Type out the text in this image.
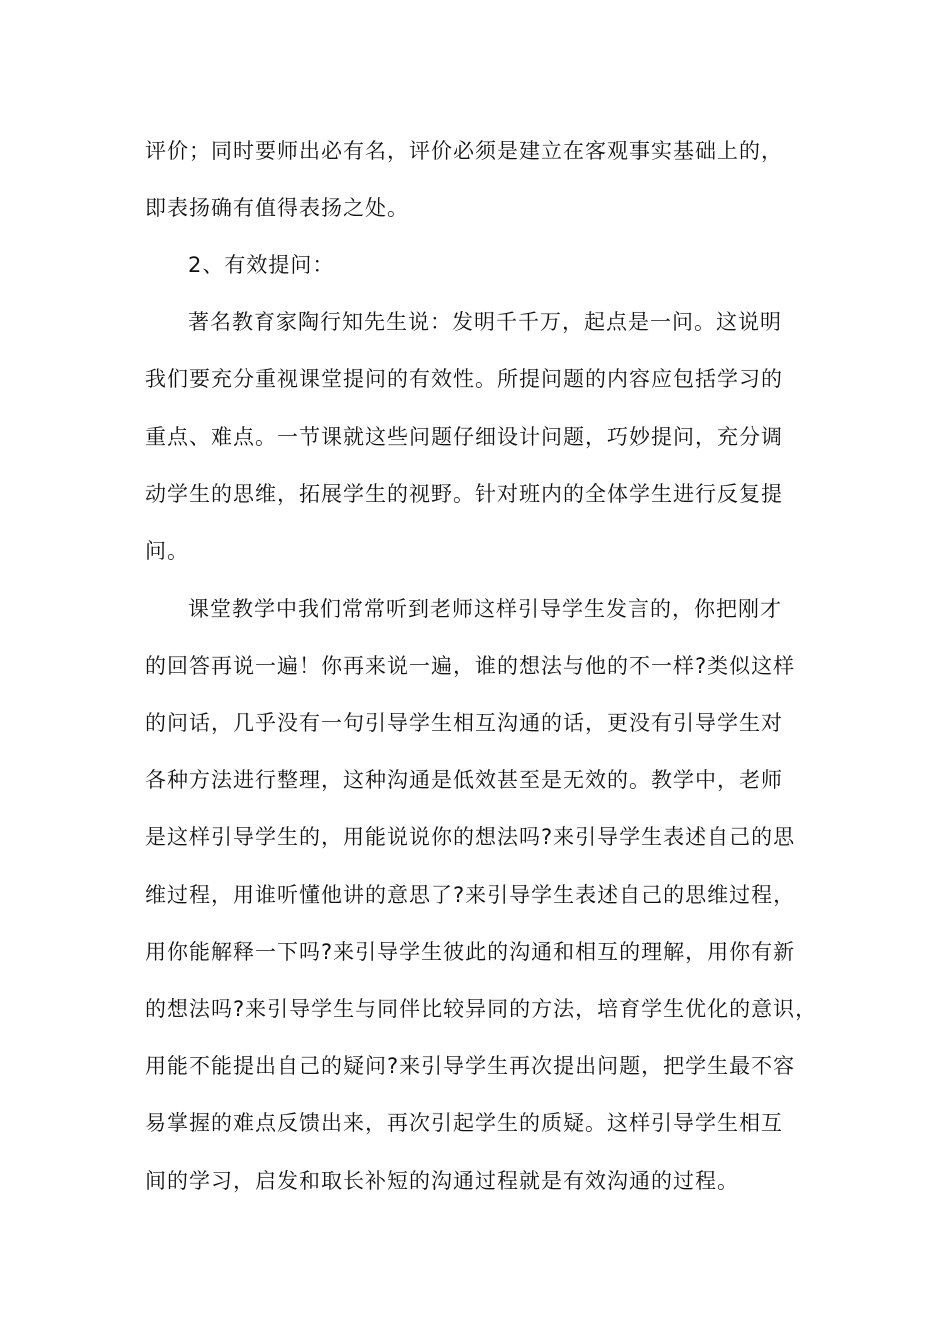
评价；同时要师出必有名，评价必须是建立在客观事实基础上的，
即表扬确有值得表扬之处。
2、有效提问：
著名教育家陶行知先生说：发明千千万，起点是一问。这说明
我们要充分重视课堂提问的有效性。所提问题的内容应包括学习的
重点、难点。一节课就这些问题仔细设计问题，巧妙提问，充分调
动学生的思维，拓展学生的视野。针对班内的全体学生进行反复提
问。
课堂教学中我们常常听到老师这样引导学生发言的，你把刚才
的回答再说一遍！你再来说一遍，谁的想法与他的不一样?类似这样
的问话，几乎没有一句引导学生相互沟通的话，更没有引导学生对
各种方法进行整理，这种沟通是低效甚至是无效的。教学中，老师
是这样引导学生的，用能说说你的想法吗?来引导学生表述自己的思
维过程，用谁听懂他讲的意思了?来引导学生表述自己的思维过程，
用你能解释一下吗?来引导学生彼此的沟通和相互的理解，用你有新
的想法吗?来引导学生与同伴比较异同的方法，培育学生优化的意识，
用能不能提出自己的疑问?来引导学生再次提出问题，把学生最不容
易掌握的难点反馈出来，再次引起学生的质疑。这样引导学生相互
间的学习，启发和取长补短的沟通过程就是有效沟通的过程。
